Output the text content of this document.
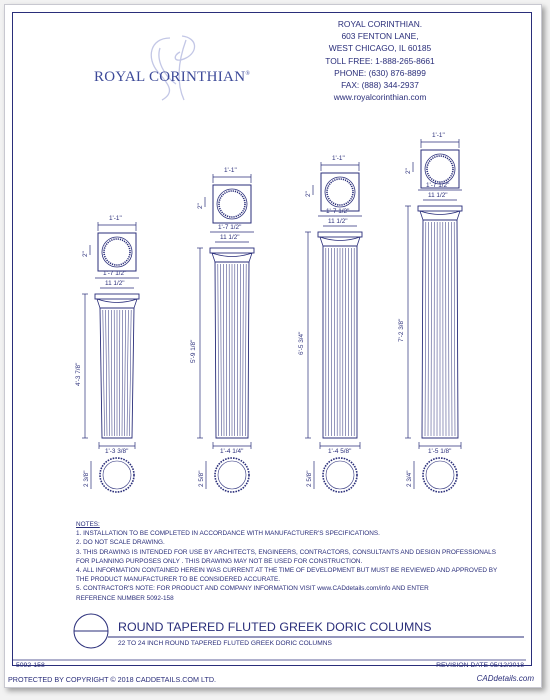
ROYAL CORINTHIAN®
ROYAL CORINTHIAN.
603 FENTON LANE,
WEST CHICAGO, IL 60185
TOLL FREE: 1-888-265-8661
PHONE: (630) 876-8899
FAX: (888) 344-2937
www.royalcorinthian.com
1'-1"
2"
1'-7 1/2"
11 1/2"
4'-3 7/8"
1'-3 3/8"
2 3/8"
1'-1"
2"
1'-7 1/2"
11 1/2"
5'-9 1/8"
1'-4 1/4"
2 5/8"
1'-1"
2"
1'-7 1/2"
11 1/2"
6'-5 3/4"
1'-4 5/8"
2 5/8"
1'-1"
2"
1'-7 1/2"
11 1/2"
7'-2 3/8"
1'-5 1/8"
2 3/4"
NOTES:
1. INSTALLATION TO BE COMPLETED IN ACCORDANCE WITH MANUFACTURER'S SPECIFICATIONS.
2. DO NOT SCALE DRAWING.
3. THIS DRAWING IS INTENDED FOR USE BY ARCHITECTS, ENGINEERS, CONTRACTORS, CONSULTANTS AND DESIGN PROFESSIONALS
FOR PLANNING PURPOSES ONLY . THIS DRAWING MAY NOT BE USED FOR CONSTRUCTION.
4. ALL INFORMATION CONTAINED HEREIN WAS CURRENT AT THE TIME OF DEVELOPMENT BUT MUST BE REVIEWED AND APPROVED BY
THE PRODUCT MANUFACTURER TO BE CONSIDERED ACCURATE.
5. CONTRACTOR'S NOTE: FOR PRODUCT AND COMPANY INFORMATION VISIT www.CADdetails.com/info AND ENTER
REFERENCE NUMBER 5092-158
ROUND TAPERED FLUTED GREEK DORIC COLUMNS
22 TO 24 INCH ROUND TAPERED FLUTED GREEK DORIC COLUMNS
5092-158	REVISION DATE 05/12/2018
PROTECTED BY COPYRIGHT © 2018 CADDETAILS.COM LTD.	CADdetails.com
